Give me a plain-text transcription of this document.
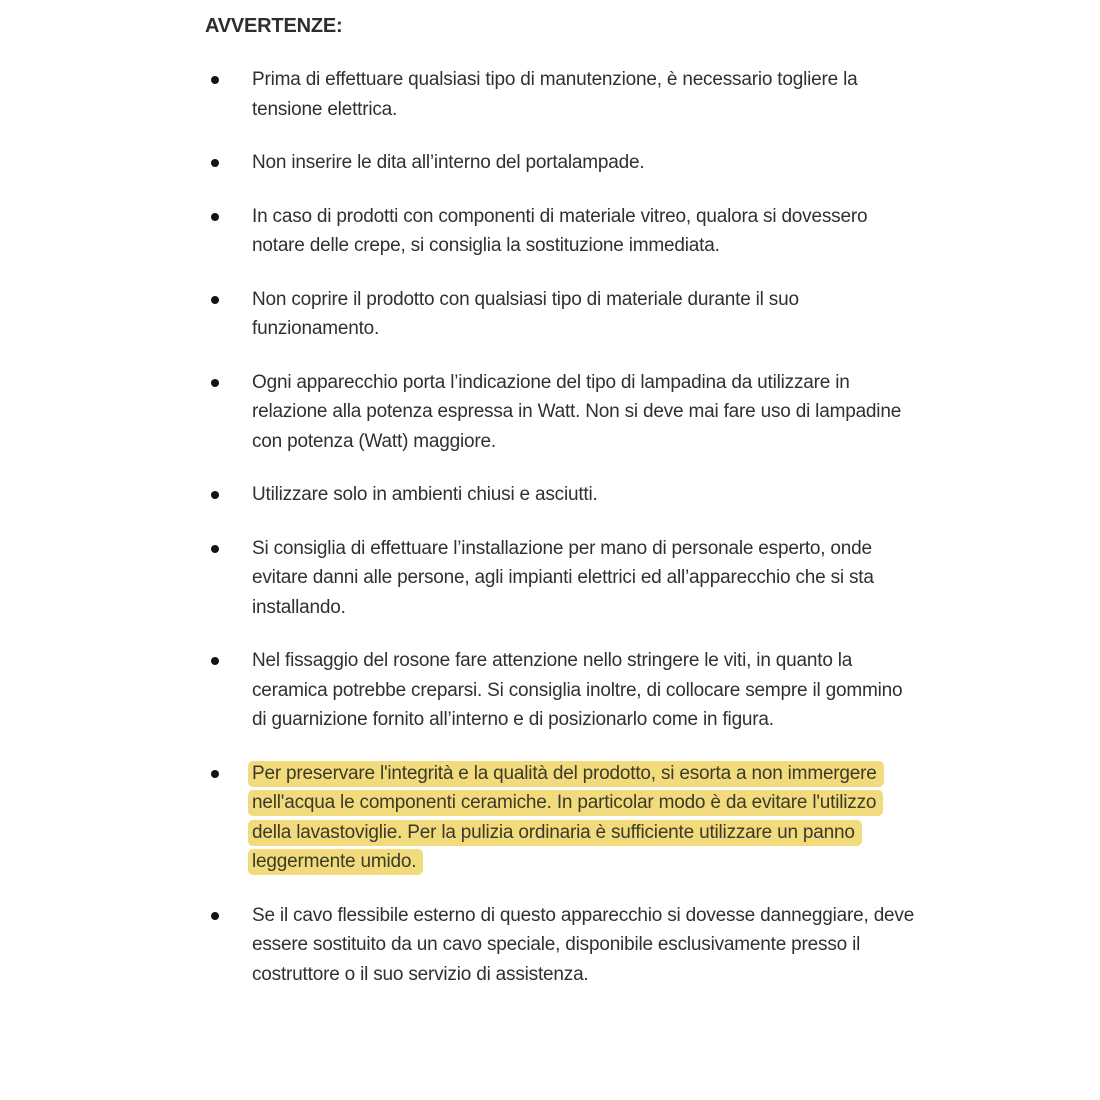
AVVERTENZE:
Prima di effettuare qualsiasi tipo di manutenzione, è necessario togliere la tensione elettrica.
Non inserire le dita all’interno del portalampade.
In caso di prodotti con componenti di materiale vitreo, qualora si dovessero notare delle crepe, si consiglia la sostituzione immediata.
Non coprire il prodotto con qualsiasi tipo di materiale durante il suo funzionamento.
Ogni apparecchio porta l’indicazione del tipo di lampadina da utilizzare in relazione alla potenza espressa in Watt. Non si deve mai fare uso di lampadine con potenza (Watt) maggiore.
Utilizzare solo in ambienti chiusi e asciutti.
Si consiglia di effettuare l’installazione per mano di personale esperto, onde evitare danni alle persone, agli impianti elettrici ed all’apparecchio che si sta installando.
Nel fissaggio del rosone fare attenzione nello stringere le viti, in quanto la ceramica potrebbe creparsi. Si consiglia inoltre, di collocare sempre il gommino di guarnizione fornito all’interno e di posizionarlo come in figura.
Per preservare l'integrità e la qualità del prodotto, si esorta a non immergere nell'acqua le componenti ceramiche. In particolar modo è da evitare l'utilizzo della lavastoviglie. Per la pulizia ordinaria è sufficiente utilizzare un panno leggermente umido.
Se il cavo flessibile esterno di questo apparecchio si dovesse danneggiare, deve essere sostituito da un cavo speciale, disponibile esclusivamente presso il costruttore o il suo servizio di assistenza.
